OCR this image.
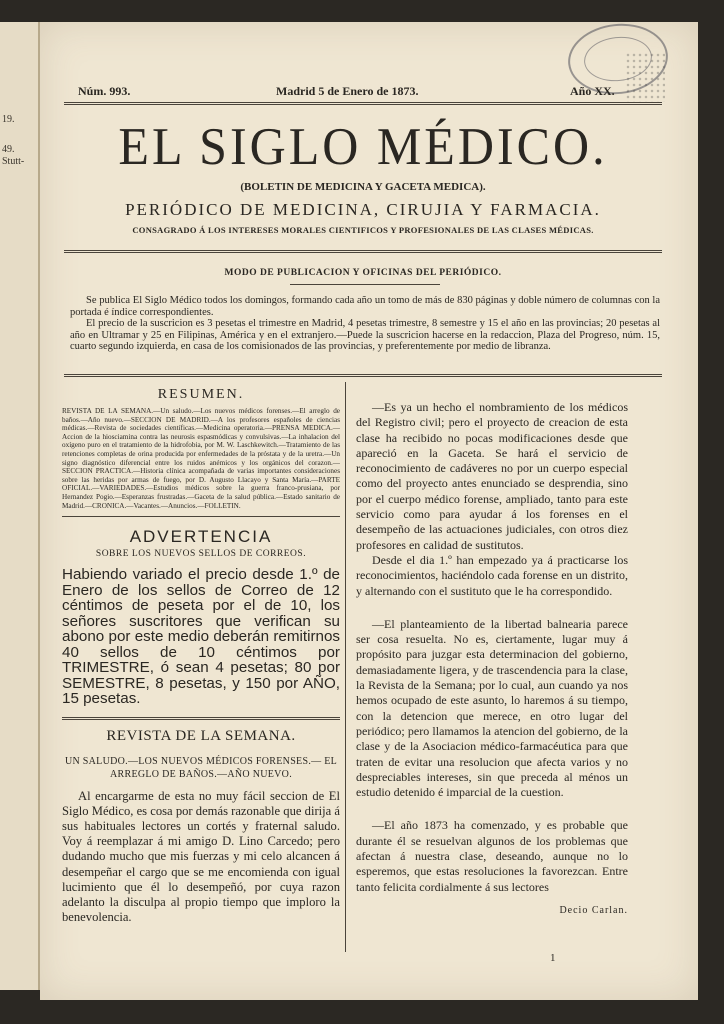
19.
49.
Stutt-
Núm. 993.	Madrid 5 de Enero de 1873.	Año XX.
EL SIGLO MÉDICO.
(BOLETIN DE MEDICINA Y GACETA MEDICA).
PERIÓDICO DE MEDICINA, CIRUJIA Y FARMACIA.
CONSAGRADO Á LOS INTERESES MORALES CIENTIFICOS Y PROFESIONALES DE LAS CLASES MÉDICAS.
MODO DE PUBLICACION Y OFICINAS DEL PERIÓDICO.

Se publica El Siglo Médico todos los domingos, formando cada año un tomo de más de 830 páginas y doble número de columnas con la portada é índice correspondientes.

El precio de la suscricion es 3 pesetas el trimestre en Madrid, 4 pesetas trimestre, 8 semestre y 15 el año en las provincias; 20 pesetas al año en Ultramar y 25 en Filipinas, América y en el extranjero.—Puede la suscricion hacerse en la redaccion, Plaza del Progreso, núm. 15, cuarto segundo izquierda, en casa de los comisionados de las provincias, y preferentemente por medio de libranza.

RESUMEN.

REVISTA DE LA SEMANA.—Un saludo.—Los nuevos médicos forenses.—El arreglo de baños.—Año nuevo.—SECCION DE MADRID.—A los profesores españoles de ciencias médicas.—Revista de sociedades científicas.—Medicina operatoria.—PRENSA MEDICA.—Accion de la hiosciamina contra las neurosis espasmódicas y convulsivas.—La inhalacion del oxígeno puro en el tratamiento de la hidrofobia, por M. W. Laschkewitch.—Tratamiento de las retenciones completas de orina producida por enfermedades de la próstata y de la uretra.—Un signo diagnóstico diferencial entre los ruidos anémicos y los orgánicos del corazon.—SECCION PRACTICA.—Historia clínica acompañada de varias importantes consideraciones sobre las heridas por armas de fuego, por D. Augusto Llacayo y Santa María.—PARTE OFICIAL.—VARIEDADES.—Estudios médicos sobre la guerra franco-prusiana, por Hernandez Pogio.—Esperanzas frustradas.—Gaceta de la salud pública.—Estado sanitario de Madrid.—CRONICA.—Vacantes.—Anuncios.—FOLLETIN.

ADVERTENCIA
SOBRE LOS NUEVOS SELLOS DE CORREOS.

Habiendo variado el precio desde 1.º de Enero de los sellos de Correo de 12 céntimos de peseta por el de 10, los señores suscritores que verifican su abono por este medio deberán remitirnos 40 sellos de 10 céntimos por TRIMESTRE, ó sean 4 pesetas; 80 por SEMESTRE, 8 pesetas, y 150 por AÑO, 15 pesetas.

REVISTA DE LA SEMANA.
UN SALUDO.—LOS NUEVOS MÉDICOS FORENSES.— EL ARREGLO DE BAÑOS.—AÑO NUEVO.

Al encargarme de esta no muy fácil seccion de El Siglo Médico, es cosa por demás razonable que dirija á sus habituales lectores un cortés y fraternal saludo. Voy á reemplazar á mi amigo D. Lino Carcedo; pero dudando mucho que mis fuerzas y mi celo alcancen á desempeñar el cargo que se me encomienda con igual lucimiento que él lo desempeñó, por cuya razon adelanto la disculpa al propio tiempo que imploro la benevolencia.

—Es ya un hecho el nombramiento de los médicos del Registro civil; pero el proyecto de creacion de esta clase ha recibido no pocas modificaciones desde que apareció en la Gaceta. Se hará el servicio de reconocimiento de cadáveres no por un cuerpo especial como del proyecto antes enunciado se desprendia, sino por el cuerpo médico forense, ampliado, tanto para este servicio como para ayudar á los forenses en el desempeño de las actuaciones judiciales, con otros diez profesores en calidad de sustitutos.

Desde el dia 1.º han empezado ya á practicarse los reconocimientos, haciéndolo cada forense en un distrito, y alternando con el sustituto que le ha correspondido.

—El planteamiento de la libertad balnearia parece ser cosa resuelta. No es, ciertamente, lugar muy á propósito para juzgar esta determinacion del gobierno, demasiadamente ligera, y de trascendencia para la clase, la Revista de la Semana; por lo cual, aun cuando ya nos hemos ocupado de este asunto, lo haremos á su tiempo, con la detencion que merece, en otro lugar del periódico; pero llamamos la atencion del gobierno, de la clase y de la Asociacion médico-farmacéutica para que traten de evitar una resolucion que afecta varios y no despreciables intereses, sin que preceda al ménos un estudio detenido é imparcial de la cuestion.

—El año 1873 ha comenzado, y es probable que durante él se resuelvan algunos de los problemas que afectan á nuestra clase, deseando, aunque no lo esperemos, que estas resoluciones la favorezcan. Entre tanto felicita cordialmente á sus lectores

Decio Carlan.
1
